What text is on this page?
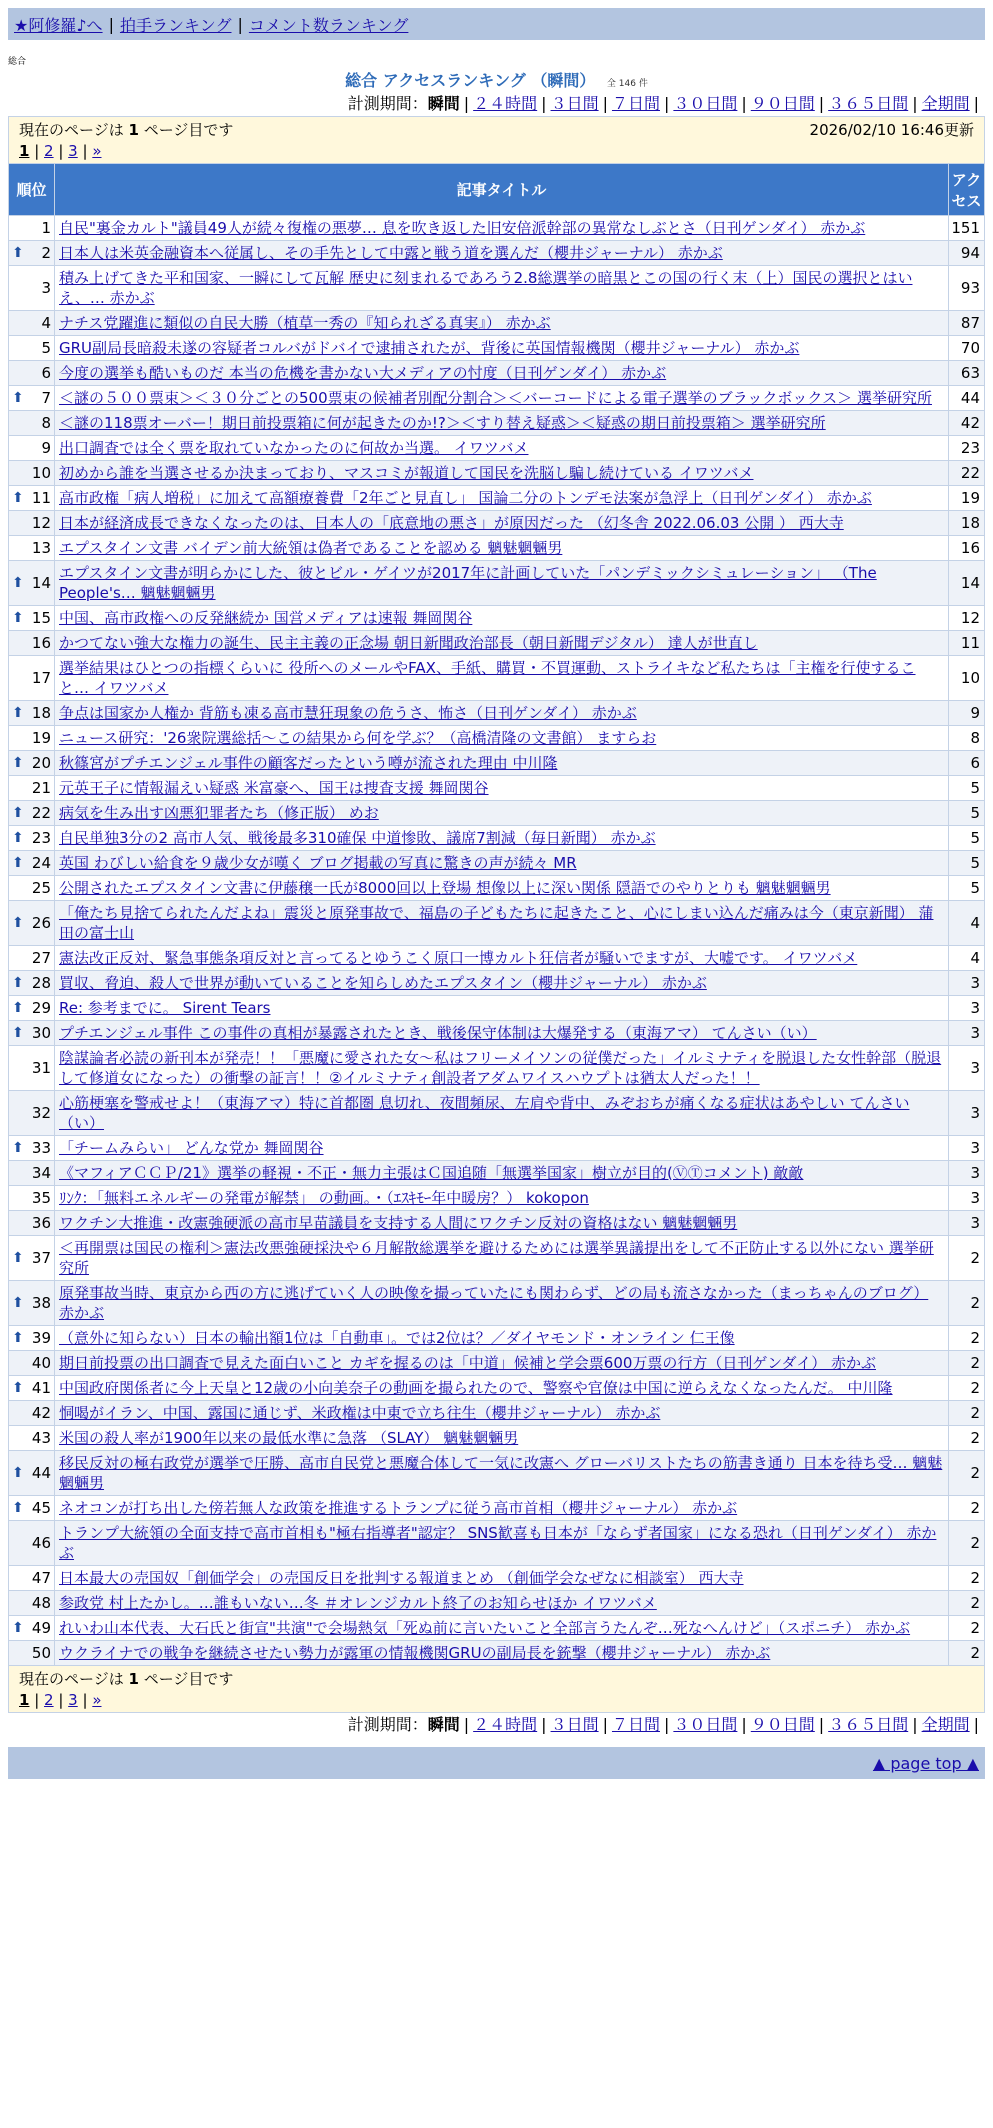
★阿修羅♪へ | 拍手ランキング | コメント数ランキング
総合
総合 アクセスランキング （瞬間） 全 146 件
計測期間：瞬間 | ２４時間 | ３日間 | ７日間 | ３０日間 | ９０日間 | ３６５日間 | 全期間 |
現在のページは 1 ページ目です 2026/02/10 16:46更新
1 | 2 | 3 | »		

順位	記事タイトル	アクセス
1	自民"裏金カルト"議員49人が続々復権の悪夢… 息を吹き返した旧安倍派幹部の異常なしぶとさ（日刊ゲンダイ） 赤かぶ	151

⬆ 2	日本人は米英金融資本へ従属し、その手先として中露と戦う道を選んだ（櫻井ジャーナル） 赤かぶ	94
3	積み上げてきた平和国家、一瞬にして瓦解 歴史に刻まれるであろう2.8総選挙の暗黒とこの国の行く末（上）国民の選択とはいえ、… 赤かぶ	93
4	ナチス党躍進に類似の自民大勝（植草一秀の『知られざる真実』） 赤かぶ	87
5	GRU副局長暗殺未遂の容疑者コルバがドバイで逮捕されたが、背後に英国情報機関（櫻井ジャーナル） 赤かぶ	70
6	今度の選挙も酷いものだ 本当の危機を書かない大メディアの忖度（日刊ゲンダイ） 赤かぶ	63

⬆ 7	＜謎の５００票束＞＜３０分ごとの500票束の候補者別配分割合＞＜バーコードによる電子選挙のブラックボックス＞ 選挙研究所	44
8	＜謎の118票オーバー！期日前投票箱に何が起きたのか!?＞＜すり替え疑惑＞＜疑惑の期日前投票箱＞ 選挙研究所	42
9	出口調査では全く票を取れていなかったのに何故か当選。 イワツバメ	23
10	初めから誰を当選させるか決まっており、マスコミが報道して国民を洗脳し騙し続けている イワツバメ	22

⬆ 11	高市政権「病人増税」に加えて高額療養費「2年ごと見直し」 国論二分のトンデモ法案が急浮上（日刊ゲンダイ） 赤かぶ	19
12	日本が経済成長できなくなったのは、日本人の「底意地の悪さ」が原因だった （幻冬舎 2022.06.03 公開 ） 西大寺	18
13	エプスタイン文書 バイデン前大統領は偽者であることを認める 魑魅魍魎男	16

⬆ 14	エプスタイン文書が明らかにした、彼とビル・ゲイツが2017年に計画していた「パンデミックシミュレーション」 （The People's… 魑魅魍魎男	14

⬆ 15	中国、高市政権への反発継続か 国営メディアは速報 舞岡関谷	12
16	かつてない強大な権力の誕生、民主主義の正念場 朝日新聞政治部長（朝日新聞デジタル） 達人が世直し	11
17	選挙結果はひとつの指標くらいに 役所へのメールやFAX、手紙、購買・不買運動、ストライキなど私たちは「主権を行使すること… イワツバメ	10

⬆ 18	争点は国家か人権か 背筋も凍る高市慧狂現象の危うさ、怖さ（日刊ゲンダイ） 赤かぶ	9
19	ニュース研究：'26衆院選総括～この結果から何を学ぶ？（高橋清隆の文書館） ますらお	8

⬆ 20	秋篠宮がプチエンジェル事件の顧客だったという噂が流された理由 中川隆	6
21	元英王子に情報漏えい疑惑 米富豪へ、国王は捜査支援 舞岡関谷	5

⬆ 22	病気を生み出す凶悪犯罪者たち（修正版） めお	5

⬆ 23	自民単独3分の2 高市人気、戦後最多310確保 中道惨敗、議席7割減（毎日新聞） 赤かぶ	5

⬆ 24	英国 わびしい給食を９歳少女が嘆く ブログ掲載の写真に驚きの声が続々 MR	5
25	公開されたエプスタイン文書に伊藤穣一氏が8000回以上登場 想像以上に深い関係 隠語でのやりとりも 魑魅魍魎男	5

⬆ 26	「俺たち見捨てられたんだよね」震災と原発事故で、福島の子どもたちに起きたこと、心にしまい込んだ痛みは今（東京新聞） 蒲田の富士山	4
27	憲法改正反対、緊急事態条項反対と言ってるとゆうこく原口一博カルト狂信者が騒いでますが、大嘘です。 イワツバメ	4

⬆ 28	買収、脅迫、殺人で世界が動いていることを知らしめたエプスタイン（櫻井ジャーナル） 赤かぶ	3

⬆ 29	Re: 参考までに。 Sirent Tears	3

⬆ 30	プチエンジェル事件 この事件の真相が暴露されたとき、戦後保守体制は大爆発する（東海アマ） てんさい（い）	3
31	陰謀論者必読の新刊本が発売！！「悪魔に愛された女～私はフリーメイソンの従僕だった」イルミナティを脱退した女性幹部（脱退して修道女になった）の衝撃の証言！！②イルミナティ創設者アダムワイスハウプトは猶太人だった！！	3
32	心筋梗塞を警戒せよ！（東海アマ）特に首都圏 息切れ、夜間頻尿、左肩や背中、みぞおちが痛くなる症状はあやしい てんさい（い）	3

⬆ 33	「チームみらい」 どんな党か 舞岡関谷	3
34	《マフィアＣＣＰ/21》選挙の軽視・不正・無力主張はＣ国追随「無選挙国家」樹立が目的(ⓋⓉコメント) 敵敵	3
35	ﾘﾝｸ：「無料エネルギーの発電が解禁」 の動画。・（ｴｽｷﾓｰ年中暖房？） kokopon	3
36	ワクチン大推進・改憲強硬派の高市早苗議員を支持する人間にワクチン反対の資格はない 魑魅魍魎男	3

⬆ 37	＜再開票は国民の権利＞憲法改悪強硬採決や６月解散総選挙を避けるためには選挙異議提出をして不正防止する以外にない 選挙研究所	2

⬆ 38	原発事故当時、東京から西の方に逃げていく人の映像を撮っていたにも関わらず、どの局も流さなかった（まっちゃんのブログ） 赤かぶ	2

⬆ 39	（意外に知らない）日本の輸出額1位は「自動車」。では2位は？／ダイヤモンド・オンライン 仁王像	2
40	期日前投票の出口調査で見えた面白いこと カギを握るのは「中道」候補と学会票600万票の行方（日刊ゲンダイ） 赤かぶ	2

⬆ 41	中国政府関係者に今上天皇と12歳の小向美奈子の動画を撮られたので、警察や官僚は中国に逆らえなくなったんだ。 中川隆	2
42	恫喝がイラン、中国、露国に通じず、米政権は中東で立ち往生（櫻井ジャーナル） 赤かぶ	2
43	米国の殺人率が1900年以来の最低水準に急落 （SLAY） 魑魅魍魎男	2

⬆ 44	移民反対の極右政党が選挙で圧勝、高市自民党と悪魔合体して一気に改憲へ グローバリストたちの筋書き通り 日本を待ち受… 魑魅魍魎男	2

⬆ 45	ネオコンが打ち出した傍若無人な政策を推進するトランプに従う高市首相（櫻井ジャーナル） 赤かぶ	2
46	トランプ大統領の全面支持で高市首相も"極右指導者"認定？ SNS歓喜も日本が「ならず者国家」になる恐れ（日刊ゲンダイ） 赤かぶ	2
47	日本最大の売国奴「創価学会」の売国反日を批判する報道まとめ （創価学会なぜなに相談室） 西大寺	2
48	参政党 村上たかし。…誰もいない…冬 ＃オレンジカルト終了のお知らせほか イワツバメ	2

⬆ 49	れいわ山本代表、大石氏と街宣"共演"で会場熱気「死ぬ前に言いたいこと全部言うたんぞ…死なへんけど」（スポニチ） 赤かぶ	2
50	ウクライナでの戦争を継続させたい勢力が露軍の情報機関GRUの副局長を銃撃（櫻井ジャーナル） 赤かぶ	2

現在のページは 1 ページ目です
1 | 2 | 3 | »		
計測期間：瞬間 | ２４時間 | ３日間 | ７日間 | ３０日間 | ９０日間 | ３６５日間 | 全期間 |
▲ page top ▲
